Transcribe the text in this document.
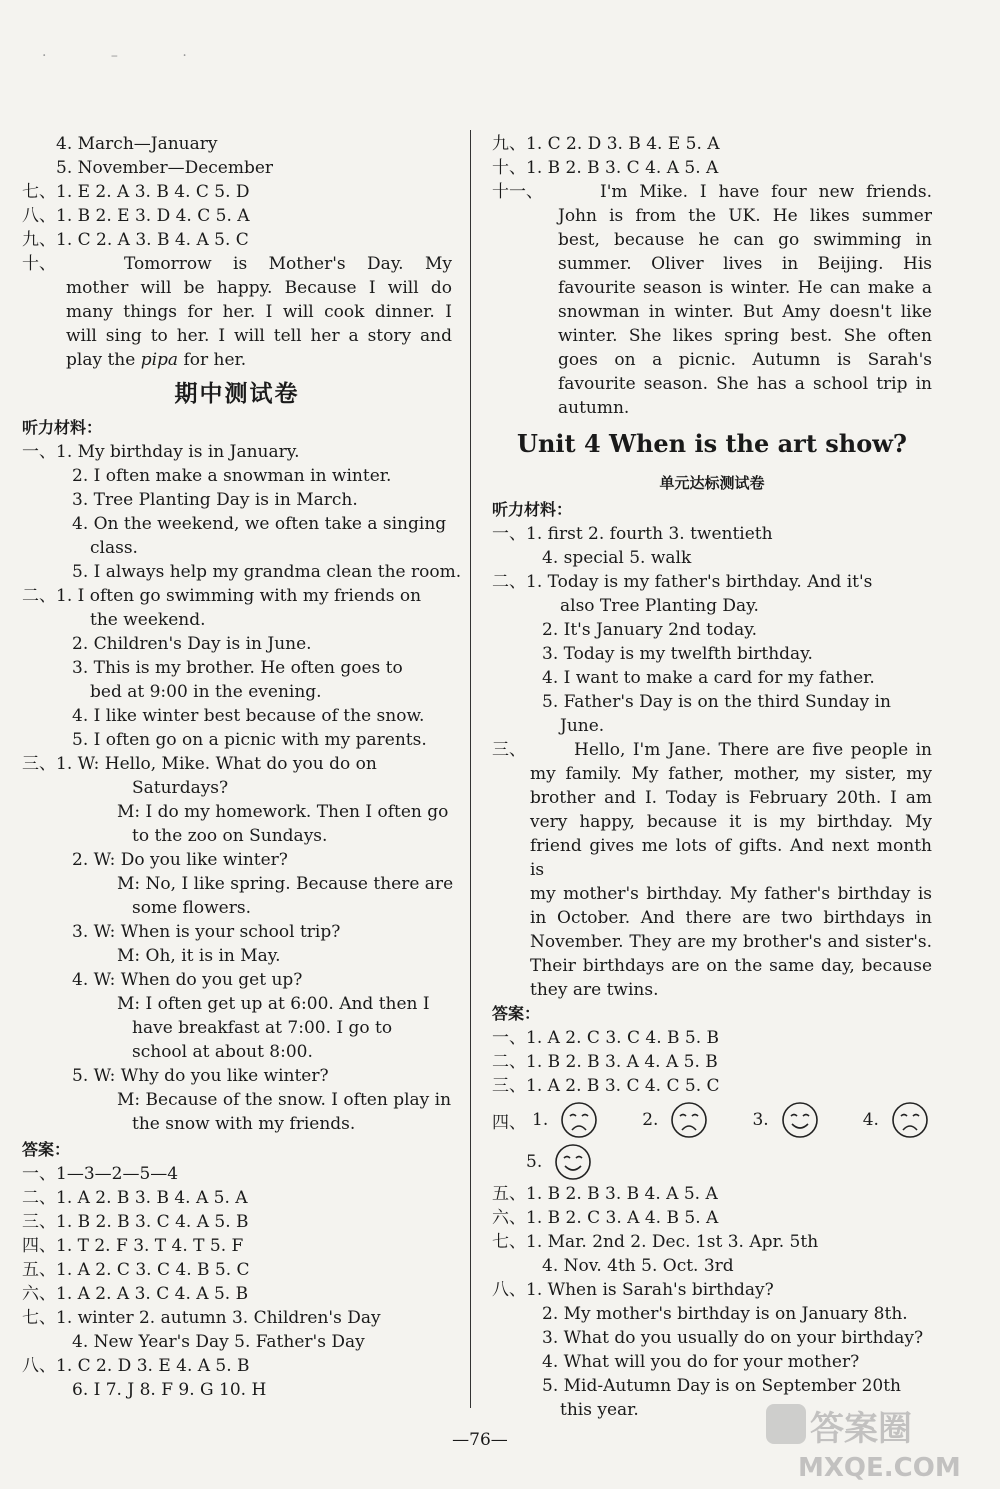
· – ·
4. March—January
5. November—December
七、1. E 2. A 3. B 4. C 5. D
八、1. B 2. E 3. D 4. C 5. A
九、1. C 2. A 3. B 4. A 5. C
十、	Tomorrow is Mother's Day. My
mother will be happy. Because I will do
many things for her. I will cook dinner. I
will sing to her. I will tell her a story and
play the pipa for her.
期中测试卷
听力材料：
一、1. My birthday is in January.
2. I often make a snowman in winter.
3. Tree Planting Day is in March.
4. On the weekend, we often take a singing
class.
5. I always help my grandma clean the room.
二、1. I often go swimming with my friends on
the weekend.
2. Children's Day is in June.
3. This is my brother. He often goes to
bed at 9:00 in the evening.
4. I like winter best because of the snow.
5. I often go on a picnic with my parents.
三、1. W: Hello, Mike. What do you do on
Saturdays?
M: I do my homework. Then I often go
to the zoo on Sundays.
2. W: Do you like winter?
M: No, I like spring. Because there are
some flowers.
3. W: When is your school trip?
M: Oh, it is in May.
4. W: When do you get up?
M: I often get up at 6:00. And then I
have breakfast at 7:00. I go to
school at about 8:00.
5. W: Why do you like winter?
M: Because of the snow. I often play in
the snow with my friends.
答案：
一、1—3—2—5—4
二、1. A 2. B 3. B 4. A 5. A
三、1. B 2. B 3. C 4. A 5. B
四、1. T 2. F 3. T 4. T 5. F
五、1. A 2. C 3. C 4. B 5. C
六、1. A 2. A 3. C 4. A 5. B
七、1. winter 2. autumn 3. Children's Day
4. New Year's Day 5. Father's Day
八、1. C 2. D 3. E 4. A 5. B
6. I 7. J 8. F 9. G 10. H
九、1. C 2. D 3. B 4. E 5. A
十、1. B 2. B 3. C 4. A 5. A
十一、	I'm Mike. I have four new friends.
John is from the UK. He likes summer
best, because he can go swimming in
summer. Oliver lives in Beijing. His
favourite season is winter. He can make a
snowman in winter. But Amy doesn't like
winter. She likes spring best. She often
goes on a picnic. Autumn is Sarah's
favourite season. She has a school trip in
autumn.
Unit 4 When is the art show?
单元达标测试卷
听力材料：
一、1. first 2. fourth 3. twentieth
4. special 5. walk
二、1. Today is my father's birthday. And it's
also Tree Planting Day.
2. It's January 2nd today.
3. Today is my twelfth birthday.
4. I want to make a card for my father.
5. Father's Day is on the third Sunday in
June.
三、	Hello, I'm Jane. There are five people in
my family. My father, mother, my sister, my
brother and I. Today is February 20th. I am
very happy, because it is my birthday. My
friend gives me lots of gifts. And next month is
my mother's birthday. My father's birthday is
in October. And there are two birthdays in
November. They are my brother's and sister's.
Their birthdays are on the same day, because
they are twins.
答案：
一、1. A 2. C 3. C 4. B 5. B
二、1. B 2. B 3. A 4. A 5. B
三、1. A 2. B 3. C 4. C 5. C
四、 1.	2.	3.	4.
5.
五、1. B 2. B 3. B 4. A 5. A
六、1. B 2. C 3. A 4. B 5. A
七、1. Mar. 2nd 2. Dec. 1st 3. Apr. 5th
4. Nov. 4th 5. Oct. 3rd
八、1. When is Sarah's birthday?
2. My mother's birthday is on January 8th.
3. What do you usually do on your birthday?
4. What will you do for your mother?
5. Mid-Autumn Day is on September 20th
this year.
—76—	答案圈
MXQE.COM
